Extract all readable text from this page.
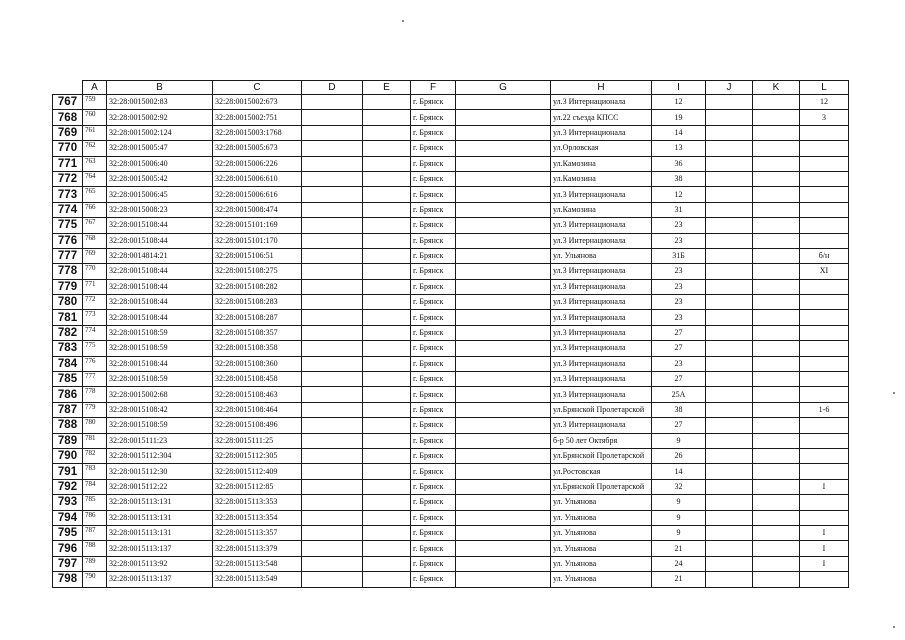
	A	B	C	D	E	F	G	H	I	J	K	L
767	759	32:28:0015002:83	32:28:0015002:673			г. Брянск		ул.3 Интернационала	12			12
768	760	32:28:0015002:92	32:28:0015002:751			г. Брянск		ул.22 съезда КПСС	19			3
769	761	32:28:0015002:124	32:28:0015003:1768			г. Брянск		ул.3 Интернационала	14			
770	762	32:28:0015005:47	32:28:0015005:673			г. Брянск		ул.Орловская	13			
771	763	32:28:0015006:40	32:28:0015006:226			г. Брянск		ул.Камозина	36			
772	764	32:28:0015005:42	32:28:0015006:610			г. Брянск		ул.Камозина	38			
773	765	32:28:0015006:45	32:28:0015006:616			г. Брянск		ул.3 Интернационала	12			
774	766	32:28:0015008:23	32:28:0015008:474			г. Брянск		ул.Камозина	31			
775	767	32:28:0015108:44	32:28:0015101:169			г. Брянск		ул.3 Интернационала	23			
776	768	32:28:0015108:44	32:28:0015101:170			г. Брянск		ул.3 Интернационала	23			
777	769	32:28:0014814:21	32:28:0015106:51			г. Брянск		ул. Ульянова	31Б			б/н
778	770	32:28:0015108:44	32:28:0015108:275			г. Брянск		ул.3 Интернационала	23			XI
779	771	32:28:0015108:44	32:28:0015108:282			г. Брянск		ул.3 Интернационала	23			
780	772	32:28:0015108:44	32:28:0015108:283			г. Брянск		ул.3 Интернационала	23			
781	773	32:28:0015108:44	32:28:0015108:287			г. Брянск		ул.3 Интернационала	23			
782	774	32:28:0015108:59	32:28:0015108:357			г. Брянск		ул.3 Интернационала	27			
783	775	32:28:0015108:59	32:28:0015108:358			г. Брянск		ул.3 Интернационала	27			
784	776	32:28:0015108:44	32:28:0015108:360			г. Брянск		ул.3 Интернационала	23			
785	777	32:28:0015108:59	32:28:0015108:458			г. Брянск		ул.3 Интернационала	27			
786	778	32:28:0015002:68	32:28:0015108:463			г. Брянск		ул.3 Интернационала	25А			
787	779	32:28:0015108:42	32:28:0015108:464			г. Брянск		ул.Брянской Пролетарской	38			1-6
788	780	32:28:0015108:59	32:28:0015108:496			г. Брянск		ул.3 Интернационала	27			
789	781	32:28:0015111:23	32:28:0015111:25			г. Брянск		б-р 50 лет Октября	9			
790	782	32:28:0015112:304	32:28:0015112:305			г. Брянск		ул.Брянской Пролетарской	26			
791	783	32:28:0015112:30	32:28:0015112:409			г. Брянск		ул.Ростовская	14			
792	784	32:28:0015112:22	32:28:0015112:85			г. Брянск		ул.Брянской Пролетарской	32			I
793	785	32:28:0015113:131	32:28:0015113:353			г. Брянск		ул. Ульянова	9			
794	786	32:28:0015113:131	32:28:0015113:354			г. Брянск		ул. Ульянова	9			
795	787	32:28:0015113:131	32:28:0015113:357			г. Брянск		ул. Ульянова	9			I
796	788	32:28:0015113:137	32:28:0015113:379			г. Брянск		ул. Ульянова	21			I
797	789	32:28:0015113:92	32:28:0015113:548			г. Брянск		ул. Ульянова	24			I
798	790	32:28:0015113:137	32:28:0015113:549			г. Брянск		ул. Ульянова	21			
